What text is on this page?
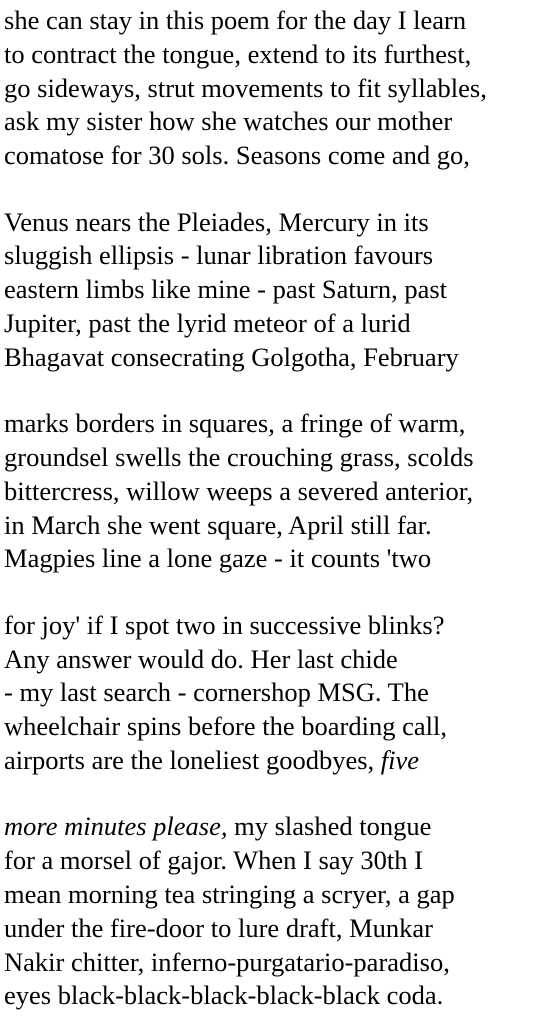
she can stay in this poem for the day I learn
to contract the tongue, extend to its furthest,
go sideways, strut movements to fit syllables,
ask my sister how she watches our mother
comatose for 30 sols. Seasons come and go,
Venus nears the Pleiades, Mercury in its
sluggish ellipsis - lunar libration favours
eastern limbs like mine - past Saturn, past
Jupiter, past the lyrid meteor of a lurid
Bhagavat consecrating Golgotha, February
marks borders in squares, a fringe of warm,
groundsel swells the crouching grass, scolds
bittercress, willow weeps a severed anterior,
in March she went square, April still far.
Magpies line a lone gaze - it counts 'two
for joy' if I spot two in successive blinks?
Any answer would do. Her last chide
- my last search - cornershop MSG. The
wheelchair spins before the boarding call,
airports are the loneliest goodbyes, five
more minutes please, my slashed tongue
for a morsel of gajor. When I say 30th I
mean morning tea stringing a scryer, a gap
under the fire-door to lure draft, Munkar
Nakir chitter, inferno-purgatario-paradiso,
eyes black-black-black-black-black coda.
